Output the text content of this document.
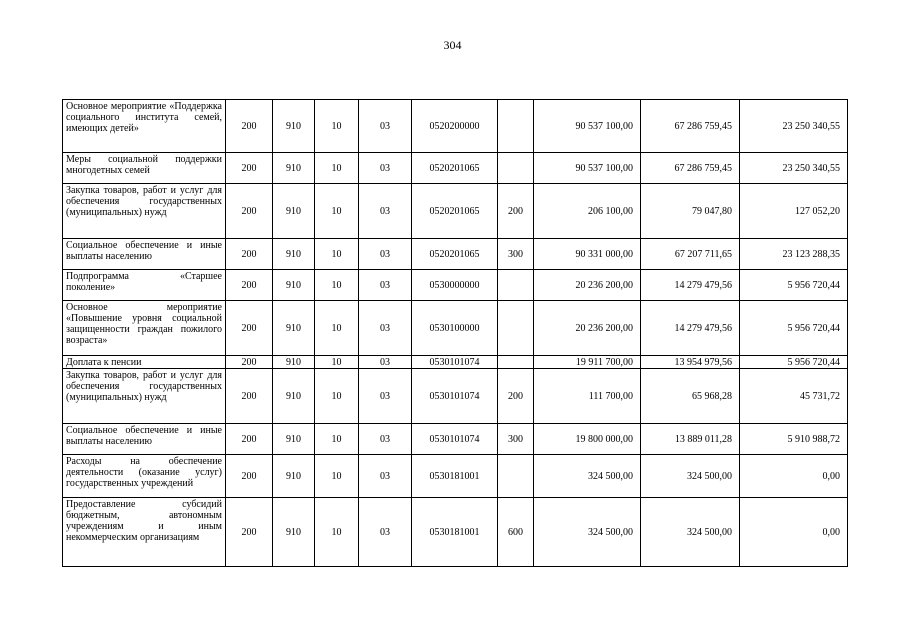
304
Основное мероприятие «Поддержка социального института семей, имеющих детей»	200	910	10	03	0520200000		90 537 100,00	67 286 759,45	23 250 340,55
Меры социальной поддержки многодетных семей	200	910	10	03	0520201065		90 537 100,00	67 286 759,45	23 250 340,55
Закупка товаров, работ и услуг для обеспечения государственных (муниципальных) нужд	200	910	10	03	0520201065	200	206 100,00	79 047,80	127 052,20
Социальное обеспечение и иные выплаты населению	200	910	10	03	0520201065	300	90 331 000,00	67 207 711,65	23 123 288,35
Подпрограмма «Старшее поколение»	200	910	10	03	0530000000		20 236 200,00	14 279 479,56	5 956 720,44
Основное мероприятие «Повышение уровня социальной защищенности граждан пожилого возраста»	200	910	10	03	0530100000		20 236 200,00	14 279 479,56	5 956 720,44
Доплата к пенсии	200	910	10	03	0530101074		19 911 700,00	13 954 979,56	5 956 720,44
Закупка товаров, работ и услуг для обеспечения государственных (муниципальных) нужд	200	910	10	03	0530101074	200	111 700,00	65 968,28	45 731,72
Социальное обеспечение и иные выплаты населению	200	910	10	03	0530101074	300	19 800 000,00	13 889 011,28	5 910 988,72
Расходы на обеспечение деятельности (оказание услуг) государственных учреждений	200	910	10	03	0530181001		324 500,00	324 500,00	0,00
Предоставление субсидий бюджетным, автономным учреждениям и иным некоммерческим организациям	200	910	10	03	0530181001	600	324 500,00	324 500,00	0,00
